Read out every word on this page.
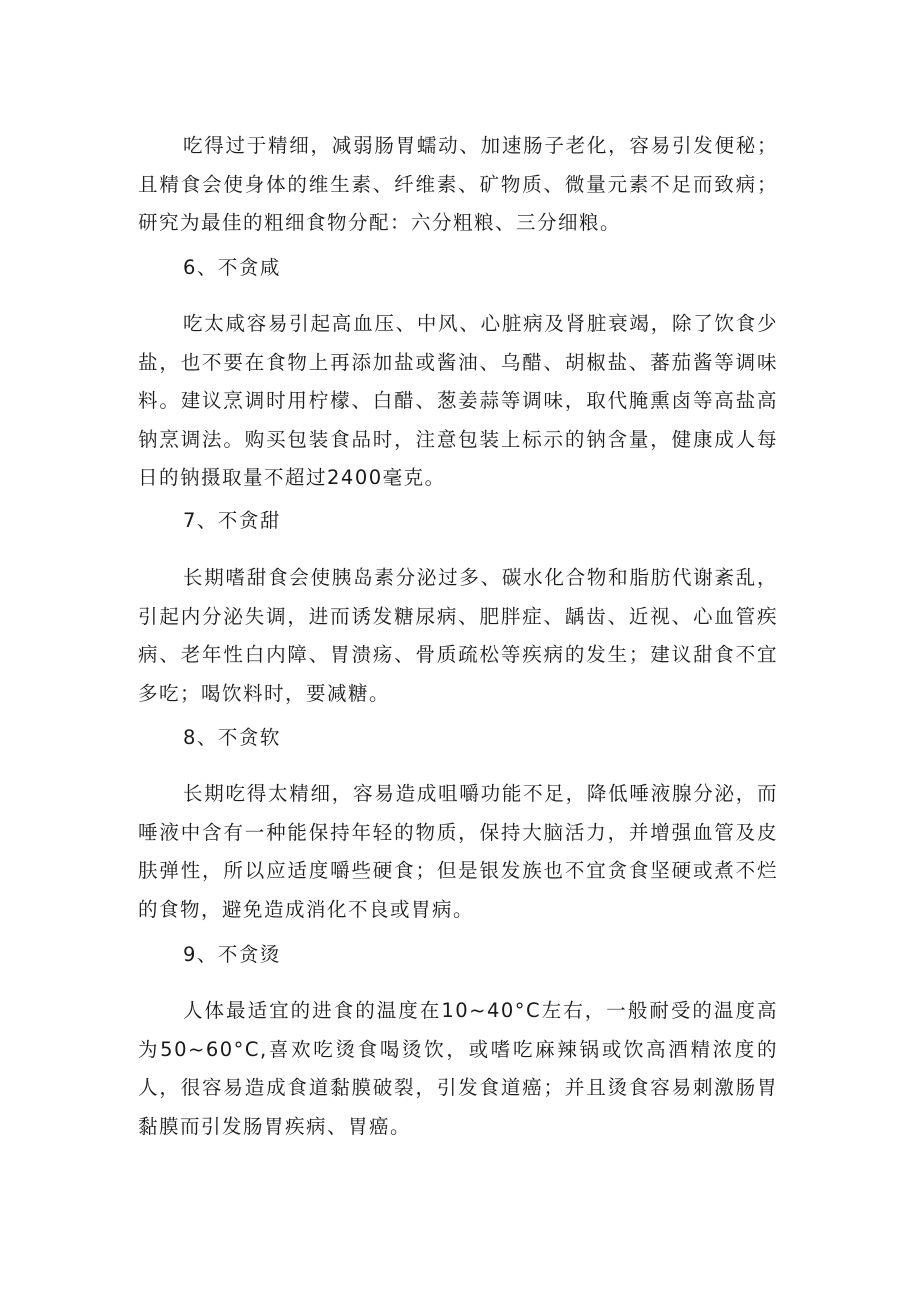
吃得过于精细，减弱肠胃蠕动、加速肠子老化，容易引发便秘；且精食会使身体的维生素、纤维素、矿物质、微量元素不足而致病；研究为最佳的粗细食物分配：六分粗粮、三分细粮。
6、不贪咸
吃太咸容易引起高血压、中风、心脏病及肾脏衰竭，除了饮食少盐，也不要在食物上再添加盐或酱油、乌醋、胡椒盐、蕃茄酱等调味料。建议烹调时用柠檬、白醋、葱姜蒜等调味，取代腌熏卤等高盐高钠烹调法。购买包装食品时，注意包装上标示的钠含量，健康成人每日的钠摄取量不超过2400毫克。
7、不贪甜
长期嗜甜食会使胰岛素分泌过多、碳水化合物和脂肪代谢紊乱，引起内分泌失调，进而诱发糖尿病、肥胖症、龋齿、近视、心血管疾病、老年性白内障、胃溃疡、骨质疏松等疾病的发生；建议甜食不宜多吃；喝饮料时，要减糖。
8、不贪软
长期吃得太精细，容易造成咀嚼功能不足，降低唾液腺分泌，而唾液中含有一种能保持年轻的物质，保持大脑活力，并增强血管及皮肤弹性，所以应适度嚼些硬食；但是银发族也不宜贪食坚硬或煮不烂的食物，避免造成消化不良或胃病。
9、不贪烫
人体最适宜的进食的温度在10~40°C左右，一般耐受的温度高为50~60°C,喜欢吃烫食喝烫饮，或嗜吃麻辣锅或饮高酒精浓度的人，很容易造成食道黏膜破裂，引发食道癌；并且烫食容易刺激肠胃黏膜而引发肠胃疾病、胃癌。
